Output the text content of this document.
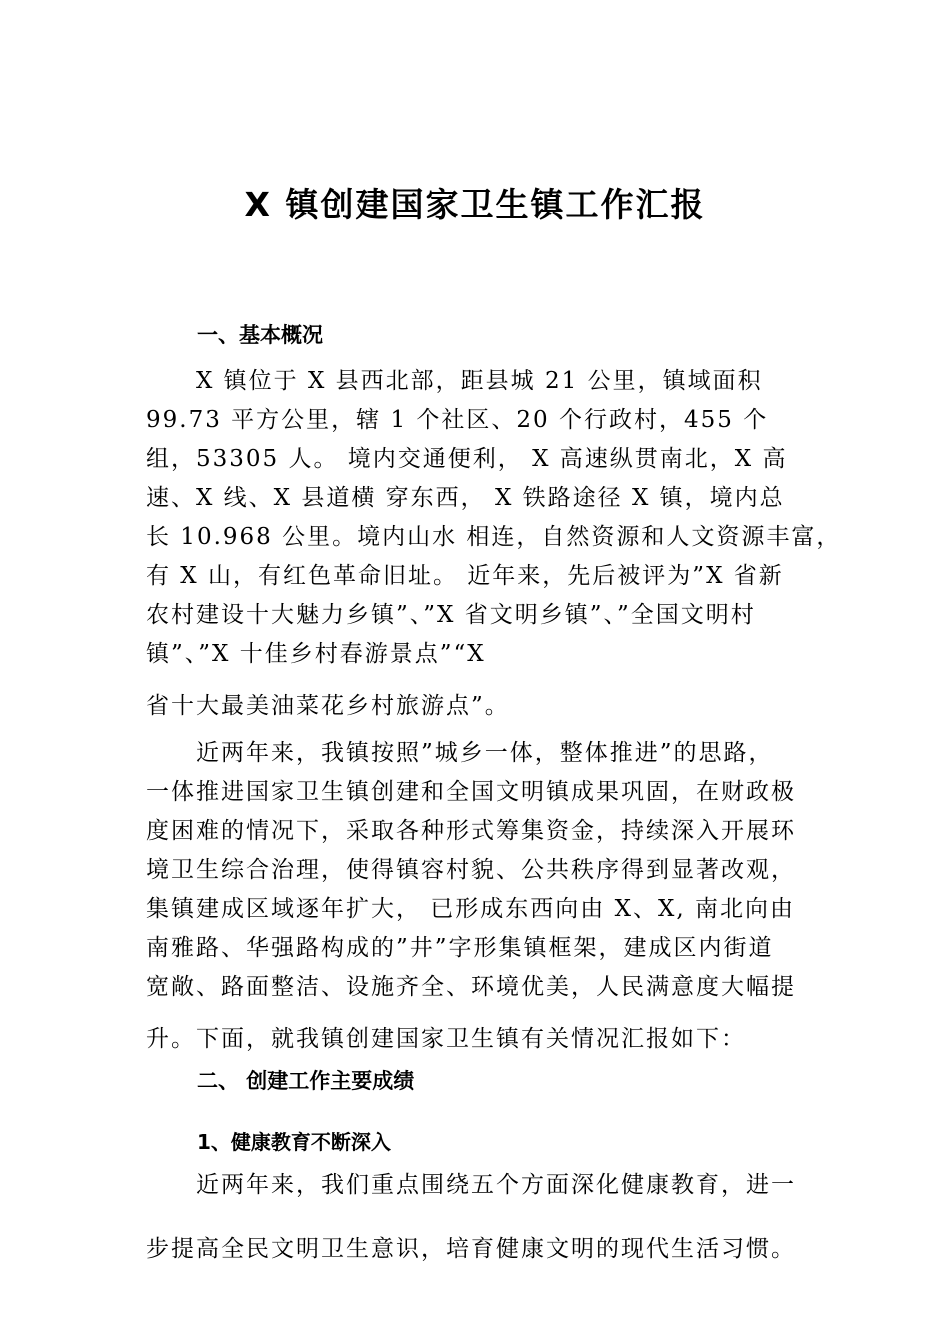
X 镇创建国家卫生镇工作汇报

一、基本概况

X 镇位于 X 县西北部，距县城 21 公里，镇域面积

99.73 平方公里，辖 1 个社区、20 个行政村，455 个

组，53305 人。 境内交通便利， X 高速纵贯南北，X 高

速、X 线、X 县道横 穿东西， X 铁路途径 X 镇，境内总

长 10.968 公里。境内山水 相连，自然资源和人文资源丰富，

有 X 山，有红色革命旧址。 近年来，先后被评为”X 省新

农村建设十大魅力乡镇”、”X 省文明乡镇”、”全国文明村

镇”、”X 十佳乡村春游景点”“X

省十大最美油菜花乡村旅游点”。

近两年来，我镇按照”城乡一体，整体推进”的思路，

一体推进国家卫生镇创建和全国文明镇成果巩固，在财政极

度困难的情况下，采取各种形式筹集资金，持续深入开展环

境卫生综合治理，使得镇容村貌、公共秩序得到显著改观，

集镇建成区域逐年扩大， 已形成东西向由 X、X, 南北向由

南雅路、华强路构成的”井”字形集镇框架，建成区内街道

宽敞、路面整洁、设施齐全、环境优美，人民满意度大幅提

升。下面，就我镇创建国家卫生镇有关情况汇报如下：

二、 创建工作主要成绩

1、健康教育不断深入

近两年来，我们重点围绕五个方面深化健康教育，进一

步提高全民文明卫生意识，培育健康文明的现代生活习惯。
